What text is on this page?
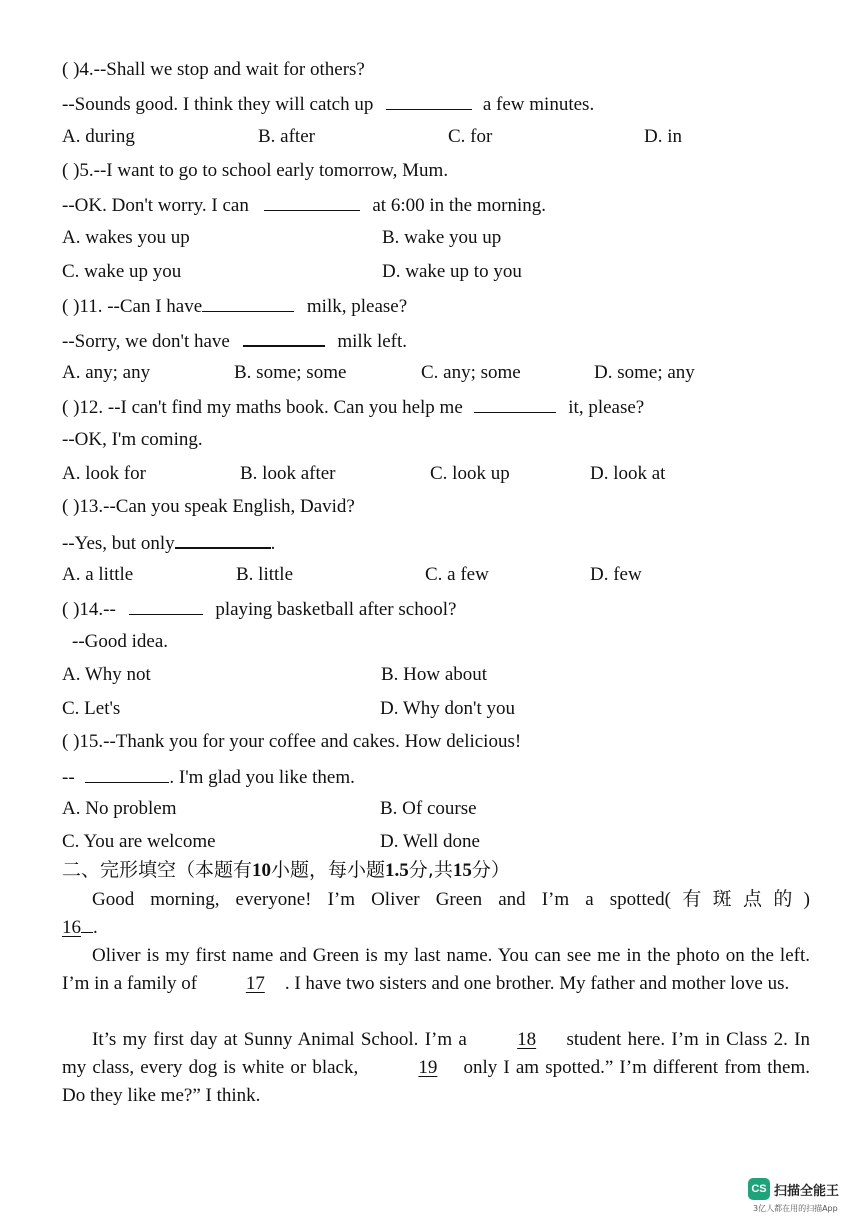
( )4.--Shall we stop and wait for others?
--Sounds good. I think they will catch up	a few minutes.
A. during	B. after	C. for	D. in
( )5.--I want to go to school early tomorrow, Mum.
--OK. Don't worry. I can	at 6:00 in the morning.
A. wakes you up	B. wake you up
C. wake up you	D. wake up to you
( )11. --Can I have	milk, please?
--Sorry, we don't have	milk left.
A. any; any	B. some; some	C. any; some	D. some; any
( )12. --I can't find my maths book. Can you help me	it, please?
--OK, I'm coming.
A. look for	B. look after	C. look up	D. look at
( )13.--Can you speak English, David?
--Yes, but only	.
A. a little	B. little	C. a few	D. few
( )14.--	playing basketball after school?
--Good idea.
A. Why not	B. How about
C. Let's	D. Why don't you
( )15.--Thank you for your coffee and cakes. How delicious!
--	. I'm glad you like them.
A. No problem	B. Of course
C. You are welcome	D. Well done
二、完形填空（本题有10小题，每小题1.5分,共15分）
Good morning, everyone! I’m Oliver Green and I’m a spotted(有斑点的)
16 .
Oliver is my first name and Green is my last name. You can see me in the photo on the left. I’m in a family of	17 . I have two sisters and one brother. My father and mother love us.
It’s my first day at Sunny Animal School. I’m a	18 student here. I’m in Class 2. In my class, every dog is white or black,	19 only I am spotted.” I’m different from them. Do they like me?” I think.
CS 扫描全能王
3亿人都在用的扫描App
